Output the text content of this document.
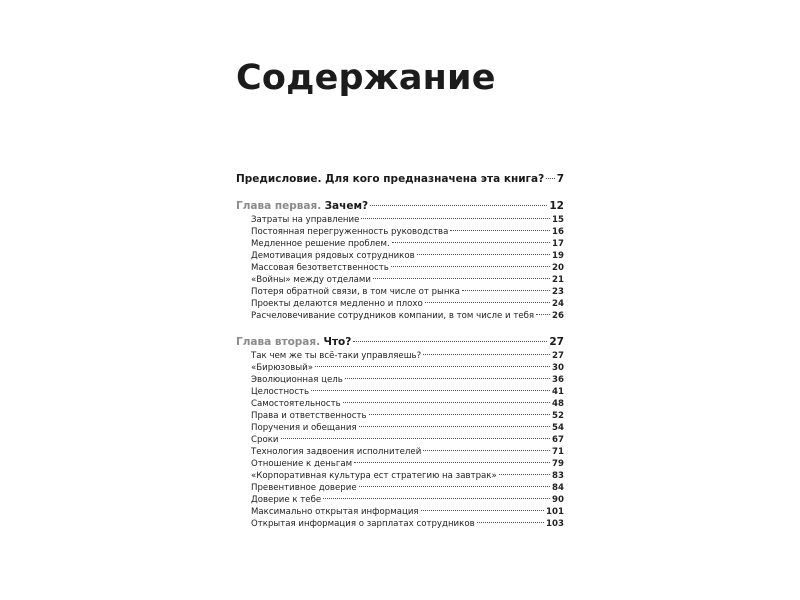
Содержание
Предисловие. Для кого предназначена эта книга? 7
Глава первая. Зачем?	12
Затраты на управление	15
Постоянная перегруженность руководства	16
Медленное решение проблем.	17
Демотивация рядовых сотрудников	19
Массовая безответственность	20
«Войны» между отделами	21
Потеря обратной связи, в том числе от рынка	23
Проекты делаются медленно и плохо	24
Расчеловечивание сотрудников компании, в том числе и тебя 26
Глава вторая. Что?	27
Так чем же ты всё-таки управляешь?	27
«Бирюзовый»	30
Эволюционная цель	36
Целостность	41
Самостоятельность	48
Права и ответственность	52
Поручения и обещания	54
Сроки	67
Технология задвоения исполнителей	71
Отношение к деньгам	79
«Корпоративная культура ест стратегию на завтрак»	83
Превентивное доверие	84
Доверие к тебе	90
Максимально открытая информация	101
Открытая информация о зарплатах сотрудников	103
